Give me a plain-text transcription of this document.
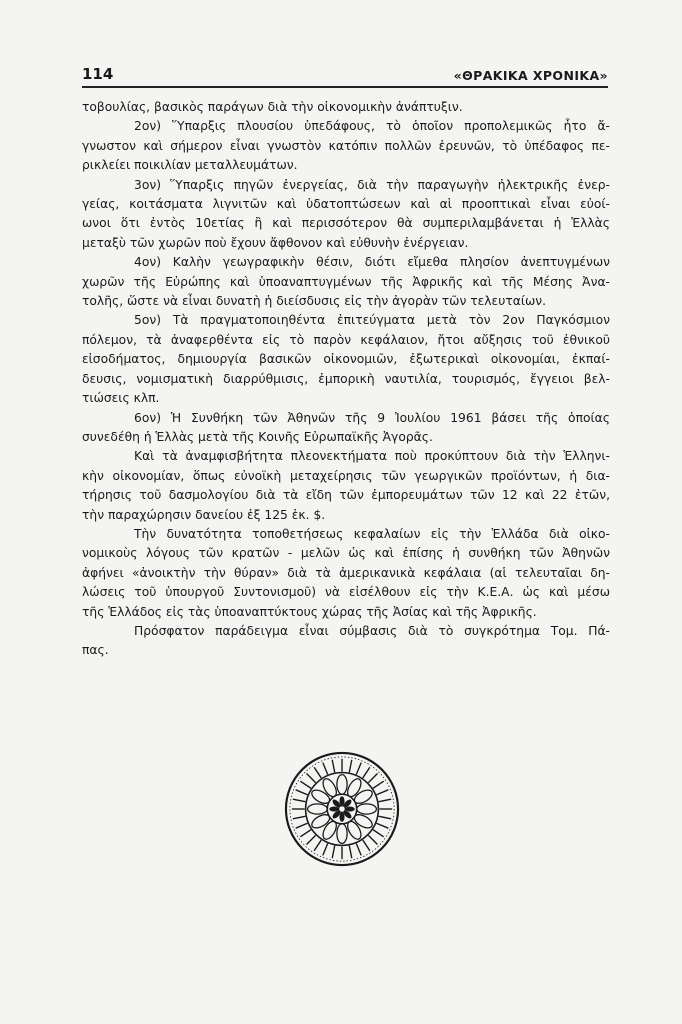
114	«ΘΡΑΚΙΚΑ ΧΡΟΝΙΚΑ»
τοβουλίας, βασικὸς παράγων διὰ τὴν οἰκονομικὴν ἀνάπτυξιν.
2ον) Ὕπαρξις πλουσίου ὑπεδάφους, τὸ ὁποῖον προπολεμικῶς ἦτο ἄ-
γνωστον καὶ σήμερον εἶναι γνωστὸν κατόπιν πολλῶν ἐρευνῶν, τὸ ὑπέδαφος πε-
ρικλείει ποικιλίαν μεταλλευμάτων.
3ον) Ὕπαρξις πηγῶν ἐνεργείας, διὰ τὴν παραγωγὴν ἠλεκτρικῆς ἐνερ-
γείας, κοιτάσματα λιγνιτῶν καὶ ὑδατοπτώσεων καὶ αἱ προοπτικαὶ εἶναι εὐοί-
ωνοι ὅτι ἐντὸς 10ετίας ἢ καὶ περισσότερον θὰ συμπεριλαμβάνεται ἡ Ἑλλὰς
μεταξὺ τῶν χωρῶν ποὺ ἔχουν ἄφθονον καὶ εὐθυνὴν ἐνέργειαν.
4ον) Καλὴν γεωγραφικὴν θέσιν, διότι εἴμεθα πλησίον ἀνεπτυγμένων
χωρῶν τῆς Εὐρώπης καὶ ὑποαναπτυγμένων τῆς Ἀφρικῆς καὶ τῆς Μέσης Ἀνα-
τολῆς, ὥστε νὰ εἶναι δυνατὴ ἡ διείσδυσις εἰς τὴν ἀγορὰν τῶν τελευταίων.
5ον) Τὰ πραγματοποιηθέντα ἐπιτεύγματα μετὰ τὸν 2ον Παγκόσμιον
πόλεμον, τὰ ἀναφερθέντα εἰς τὸ παρὸν κεφάλαιον, ἤτοι αὔξησις τοῦ ἐθνικοῦ
εἰσοδήματος, δημιουργία βασικῶν οἰκονομιῶν, ἐξωτερικαὶ οἰκονομίαι, ἐκπαί-
δευσις, νομισματικὴ διαρρύθμισις, ἐμπορικὴ ναυτιλία, τουρισμός, ἔγγειοι βελ-
τιώσεις κλπ.
6ον) Ἡ Συνθήκη τῶν Ἀθηνῶν τῆς 9 Ἰουλίου 1961 βάσει τῆς ὁποίας
συνεδέθη ἡ Ἑλλὰς μετὰ τῆς Κοινῆς Εὐρωπαϊκῆς Ἀγορᾶς.
Καὶ τὰ ἀναμφισβήτητα πλεονεκτήματα ποὺ προκύπτουν διὰ τὴν Ἑλληνι-
κὴν οἰκονομίαν, ὅπως εὐνοϊκὴ μεταχείρησις τῶν γεωργικῶν προϊόντων, ἡ δια-
τήρησις τοῦ δασμολογίου διὰ τὰ εἴδη τῶν ἐμπορευμάτων τῶν 12 καὶ 22 ἐτῶν,
τὴν παραχώρησιν δανείου ἐξ 125 ἑκ. $.
Τὴν δυνατότητα τοποθετήσεως κεφαλαίων εἰς τὴν Ἑλλάδα διὰ οἰκο-
νομικοὺς λόγους τῶν κρατῶν - μελῶν ὡς καὶ ἐπίσης ἡ συνθήκη τῶν Ἀθηνῶν
ἀφήνει «ἀνοικτὴν τὴν θύραν» διὰ τὰ ἀμερικανικὰ κεφάλαια (αἱ τελευταῖαι δη-
λώσεις τοῦ ὑπουργοῦ Συντονισμοῦ) νὰ εἰσέλθουν εἰς τὴν Κ.Ε.Α. ὡς καὶ μέσω
τῆς Ἑλλάδος εἰς τὰς ὑποαναπτύκτους χώρας τῆς Ἀσίας καὶ τῆς Ἀφρικῆς.
Πρόσφατον παράδειγμα εἶναι σύμβασις διὰ τὸ συγκρότημα Τομ. Πά-
πας.
